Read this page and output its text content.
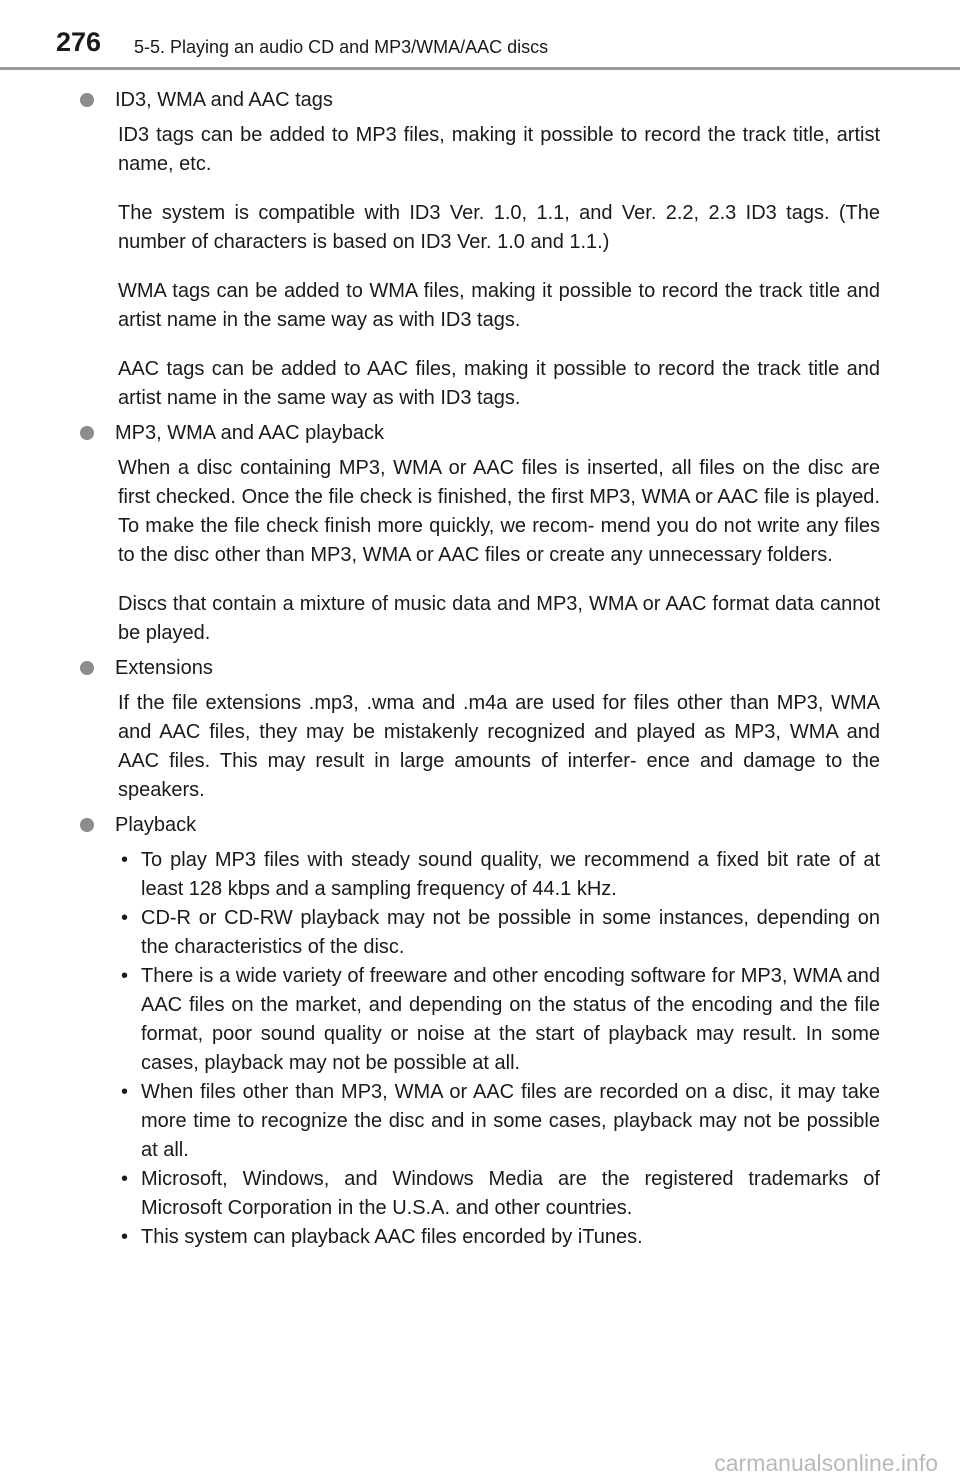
276 5-5. Playing an audio CD and MP3/WMA/AAC discs
ID3, WMA and AAC tags

ID3 tags can be added to MP3 files, making it possible to record the track title, artist name, etc.

The system is compatible with ID3 Ver. 1.0, 1.1, and Ver. 2.2, 2.3 ID3 tags. (The number of characters is based on ID3 Ver. 1.0 and 1.1.)

WMA tags can be added to WMA files, making it possible to record the track title and artist name in the same way as with ID3 tags.

AAC tags can be added to AAC files, making it possible to record the track title and artist name in the same way as with ID3 tags.

MP3, WMA and AAC playback

When a disc containing MP3, WMA or AAC files is inserted, all files on the disc are first checked. Once the file check is finished, the first MP3, WMA or AAC file is played. To make the file check finish more quickly, we recom- mend you do not write any files to the disc other than MP3, WMA or AAC files or create any unnecessary folders.

Discs that contain a mixture of music data and MP3, WMA or AAC format data cannot be played.

Extensions

If the file extensions .mp3, .wma and .m4a are used for files other than MP3, WMA and AAC files, they may be mistakenly recognized and played as MP3, WMA and AAC files. This may result in large amounts of interfer- ence and damage to the speakers.

Playback
• To play MP3 files with steady sound quality, we recommend a fixed bit rate of at least 128 kbps and a sampling frequency of 44.1 kHz.
• CD-R or CD-RW playback may not be possible in some instances, depending on the characteristics of the disc.
• There is a wide variety of freeware and other encoding software for MP3, WMA and AAC files on the market, and depending on the status of the encoding and the file format, poor sound quality or noise at the start of playback may result. In some cases, playback may not be possible at all.
• When files other than MP3, WMA or AAC files are recorded on a disc, it may take more time to recognize the disc and in some cases, playback may not be possible at all.
• Microsoft, Windows, and Windows Media are the registered trademarks of Microsoft Corporation in the U.S.A. and other countries.
• This system can playback AAC files encorded by iTunes.
carmanualsonline.info
